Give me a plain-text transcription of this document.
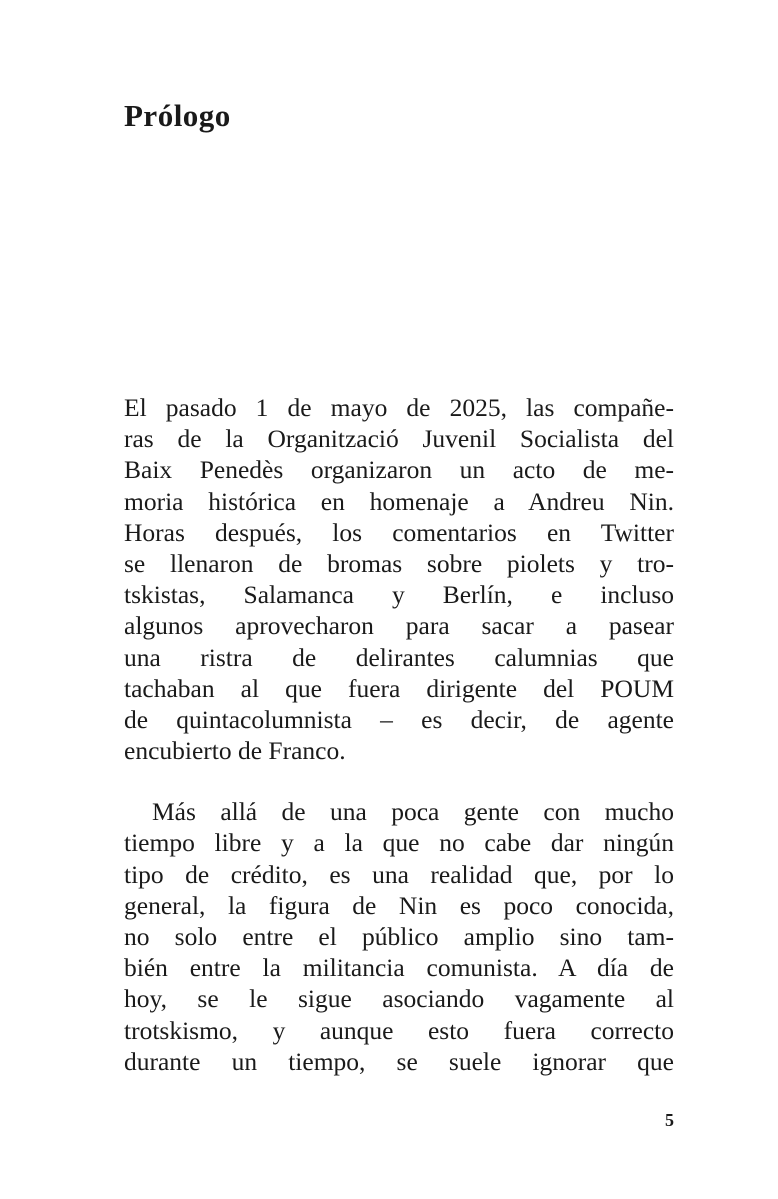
Prólogo

El pasado 1 de mayo de 2025, las compañe-
ras de la Organització Juvenil Socialista del
Baix Penedès organizaron un acto de me-
moria histórica en homenaje a Andreu Nin.
Horas después, los comentarios en Twitter
se llenaron de bromas sobre piolets y tro-
tskistas, Salamanca y Berlín, e incluso
algunos aprovecharon para sacar a pasear
una ristra de delirantes calumnias que
tachaban al que fuera dirigente del POUM
de quintacolumnista – es decir, de agente
encubierto de Franco.

Más allá de una poca gente con mucho
tiempo libre y a la que no cabe dar ningún
tipo de crédito, es una realidad que, por lo
general, la figura de Nin es poco conocida,
no solo entre el público amplio sino tam-
bién entre la militancia comunista. A día de
hoy, se le sigue asociando vagamente al
trotskismo, y aunque esto fuera correcto
durante un tiempo, se suele ignorar que

5
